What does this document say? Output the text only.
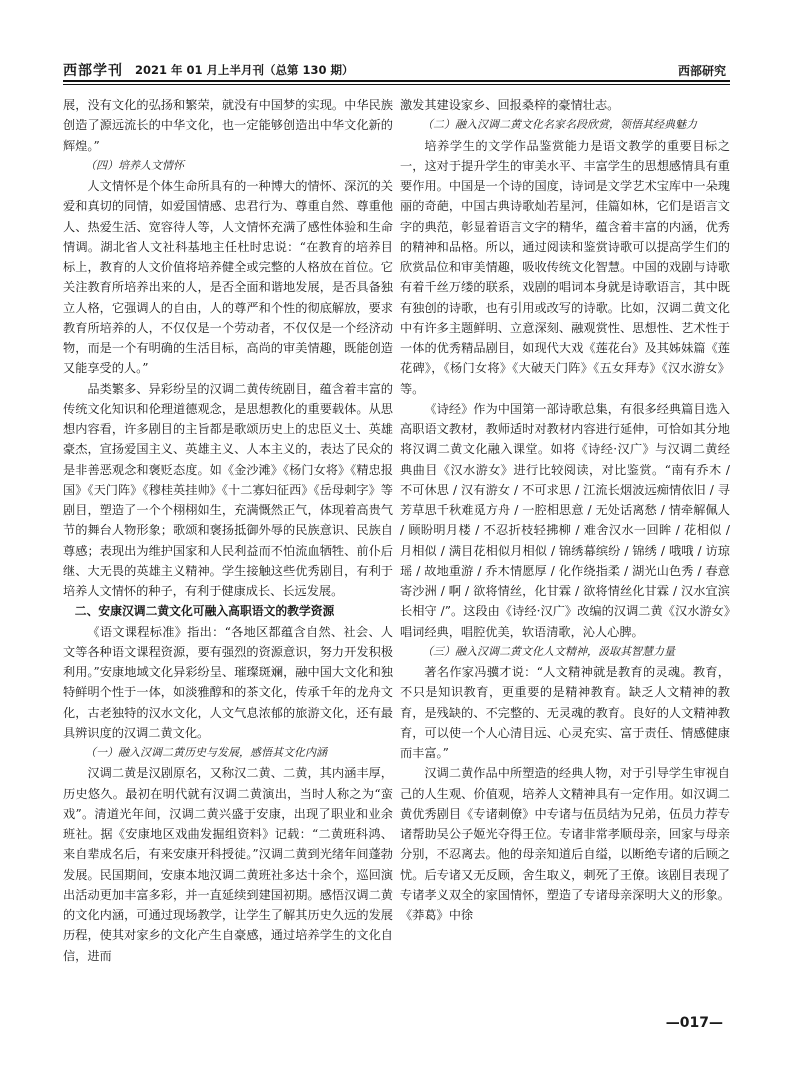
西部学刊 2021 年 01 月上半月刊（总第 130 期）	西部研究

展，没有文化的弘扬和繁荣，就没有中国梦的实现。中华民族创造了源远流长的中华文化，也一定能够创造出中华文化新的辉煌。”

（四）培养人文情怀

人文情怀是个体生命所具有的一种博大的情怀、深沉的关爱和真切的同情，如爱国情感、忠君行为、尊重自然、尊重他人、热爱生活、宽容待人等，人文情怀充满了感性体验和生命情调。湖北省人文社科基地主任杜时忠说：“在教育的培养目标上，教育的人文价值将培养健全或完整的人格放在首位。它关注教育所培养出来的人，是否全面和谐地发展，是否具备独立人格，它强调人的自由，人的尊严和个性的彻底解放，要求教育所培养的人，不仅仅是一个劳动者，不仅仅是一个经济动物，而是一个有明确的生活目标，高尚的审美情趣，既能创造又能享受的人。”

品类繁多、异彩纷呈的汉调二黄传统剧目，蕴含着丰富的传统文化知识和伦理道德观念，是思想教化的重要载体。从思想内容看，许多剧目的主旨都是歌颂历史上的忠臣义士、英雄豪杰，宣扬爱国主义、英雄主义、人本主义的，表达了民众的是非善恶观念和褒贬态度。如《金沙滩》《杨门女将》《精忠报国》《天门阵》《穆桂英挂帅》《十二寡妇征西》《岳母刺字》等剧目，塑造了一个个栩栩如生，充满慨然正气，体现着高贵气节的舞台人物形象；歌颂和褒扬抵御外辱的民族意识、民族自尊感；表现出为维护国家和人民利益而不怕流血牺牲、前仆后继、大无畏的英雄主义精神。学生接触这些优秀剧目，有利于培养人文情怀的种子，有利于健康成长、长远发展。

二、安康汉调二黄文化可融入高职语文的教学资源

《语文课程标准》指出：“各地区都蕴含自然、社会、人文等各种语文课程资源，要有强烈的资源意识，努力开发积极利用。”安康地域文化异彩纷呈、璀璨斑斓，融中国大文化和独特鲜明个性于一体，如淡雅醇和的茶文化，传承千年的龙舟文化，古老独特的汉水文化，人文气息浓郁的旅游文化，还有最具辨识度的汉调二黄文化。

（一）融入汉调二黄历史与发展，感悟其文化内涵

汉调二黄是汉剧原名，又称汉二黄、二黄，其内涵丰厚，历史悠久。最初在明代就有汉调二黄演出，当时人称之为“蛮戏”。清道光年间，汉调二黄兴盛于安康，出现了职业和业余班社。据《安康地区戏曲发掘组资料》记载：“二黄班科鸿、来自辈成名后，有来安康开科授徒。”汉调二黄到光绪年间蓬勃发展。民国期间，安康本地汉调二黄班社多达十余个，巡回演出活动更加丰富多彩，并一直延续到建国初期。感悟汉调二黄的文化内涵，可通过现场教学，让学生了解其历史久远的发展历程，使其对家乡的文化产生自豪感，通过培养学生的文化自信，进而

激发其建设家乡、回报桑梓的豪情壮志。

（二）融入汉调二黄文化名家名段欣赏，领悟其经典魅力

培养学生的文学作品鉴赏能力是语文教学的重要目标之一，这对于提升学生的审美水平、丰富学生的思想感情具有重要作用。中国是一个诗的国度，诗词是文学艺术宝库中一朵瑰丽的奇葩，中国古典诗歌灿若星河，佳篇如林，它们是语言文字的典范，彰显着语言文字的精华，蕴含着丰富的内涵，优秀的精神和品格。所以，通过阅读和鉴赏诗歌可以提高学生们的欣赏品位和审美情趣，吸收传统文化智慧。中国的戏剧与诗歌有着千丝万缕的联系，戏剧的唱词本身就是诗歌语言，其中既有独创的诗歌，也有引用或改写的诗歌。比如，汉调二黄文化中有许多主题鲜明、立意深刻、融观赏性、思想性、艺术性于一体的优秀精品剧目，如现代大戏《莲花台》及其姊妹篇《莲花碑》，《杨门女将》《大破天门阵》《五女拜寿》《汉水游女》等。

《诗经》作为中国第一部诗歌总集，有很多经典篇目选入高职语文教材，教师适时对教材内容进行延伸，可恰如其分地将汉调二黄文化融入课堂。如将《诗经·汉广》与汉调二黄经典曲目《汉水游女》进行比较阅读，对比鉴赏。“南有乔木 / 不可休思 / 汉有游女 / 不可求思 / 江流长烟波远痴情依旧 / 寻芳草思千秋难觅方舟 / 一腔相思意 / 无处话离愁 / 情牵解佩人 / 顾盼明月楼 / 不忍折枝轻拂柳 / 难舍汉水一回眸 / 花相似 / 月相似 / 满目花相似月相似 / 锦绣幕缤纷 / 锦绣 / 哦哦 / 访琼瑶 / 故地重游 / 乔木情愿厚 / 化作绕指柔 / 湖光山色秀 / 春意寄沙洲 / 啊 / 欲将情丝，化甘霖 / 欲将情丝化甘霖 / 汉水宜滨长相守 /”。这段由《诗经·汉广》改编的汉调二黄《汉水游女》唱词经典，唱腔优美，软语清歌，沁人心脾。

（三）融入汉调二黄文化人文精神，汲取其智慧力量

著名作家冯骥才说：“人文精神就是教育的灵魂。教育，不只是知识教育，更重要的是精神教育。缺乏人文精神的教育，是残缺的、不完整的、无灵魂的教育。良好的人文精神教育，可以使一个人心清目远、心灵充实、富于责任、情感健康而丰富。”

汉调二黄作品中所塑造的经典人物，对于引导学生审视自己的人生观、价值观，培养人文精神具有一定作用。如汉调二黄优秀剧目《专诸刺僚》中专诸与伍员结为兄弟，伍员力荐专诸帮助吴公子姬光夺得王位。专诸非常孝顺母亲，回家与母亲分别，不忍离去。他的母亲知道后自缢，以断绝专诸的后顾之忧。后专诸又无反顾，舍生取义，刺死了王僚。该剧目表现了专诸孝义双全的家国情怀，塑造了专诸母亲深明大义的形象。《莽葛》中徐

—017—
